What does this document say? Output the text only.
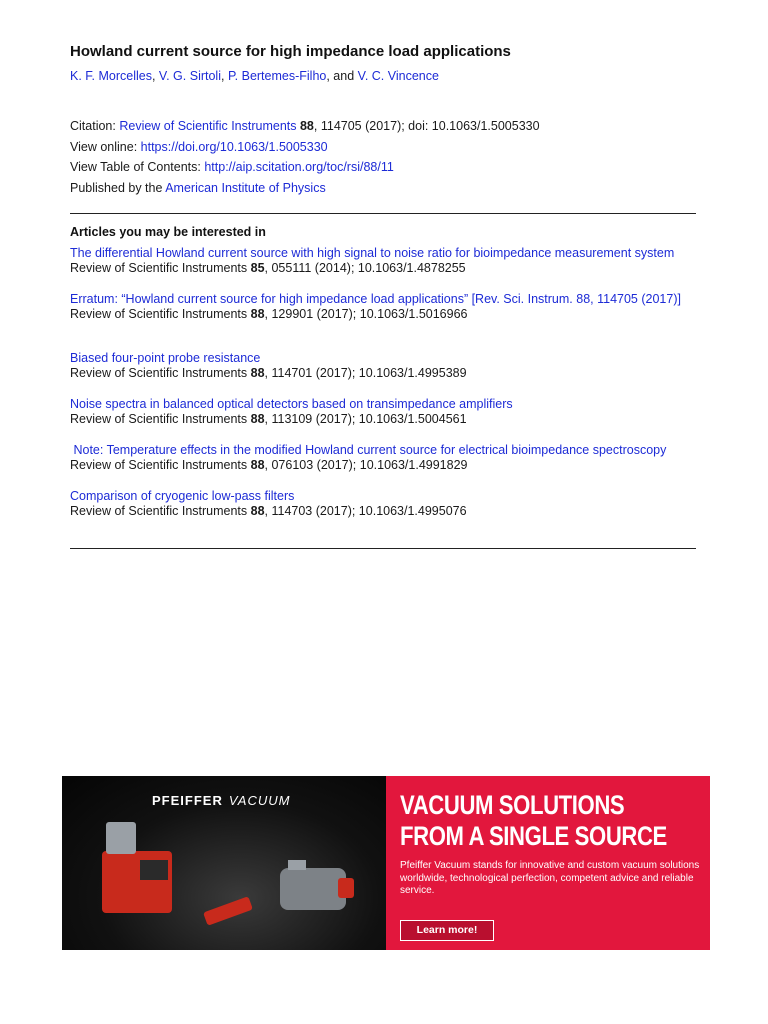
Howland current source for high impedance load applications
K. F. Morcelles, V. G. Sirtoli, P. Bertemes-Filho, and V. C. Vincence
Citation: Review of Scientific Instruments 88, 114705 (2017); doi: 10.1063/1.5005330
View online: https://doi.org/10.1063/1.5005330
View Table of Contents: http://aip.scitation.org/toc/rsi/88/11
Published by the American Institute of Physics
Articles you may be interested in
The differential Howland current source with high signal to noise ratio for bioimpedance measurement system
Review of Scientific Instruments 85, 055111 (2014); 10.1063/1.4878255
Erratum: “Howland current source for high impedance load applications” [Rev. Sci. Instrum. 88, 114705 (2017)]
Review of Scientific Instruments 88, 129901 (2017); 10.1063/1.5016966
Biased four-point probe resistance
Review of Scientific Instruments 88, 114701 (2017); 10.1063/1.4995389
Noise spectra in balanced optical detectors based on transimpedance amplifiers
Review of Scientific Instruments 88, 113109 (2017); 10.1063/1.5004561
Note: Temperature effects in the modified Howland current source for electrical bioimpedance spectroscopy
Review of Scientific Instruments 88, 076103 (2017); 10.1063/1.4991829
Comparison of cryogenic low-pass filters
Review of Scientific Instruments 88, 114703 (2017); 10.1063/1.4995076
PFEIFFER VACUUM	VACUUM SOLUTIONS
FROM A SINGLE SOURCE
Pfeiffer Vacuum stands for innovative and custom vacuum solutions worldwide, technological perfection, competent advice and reliable service.
Learn more!
